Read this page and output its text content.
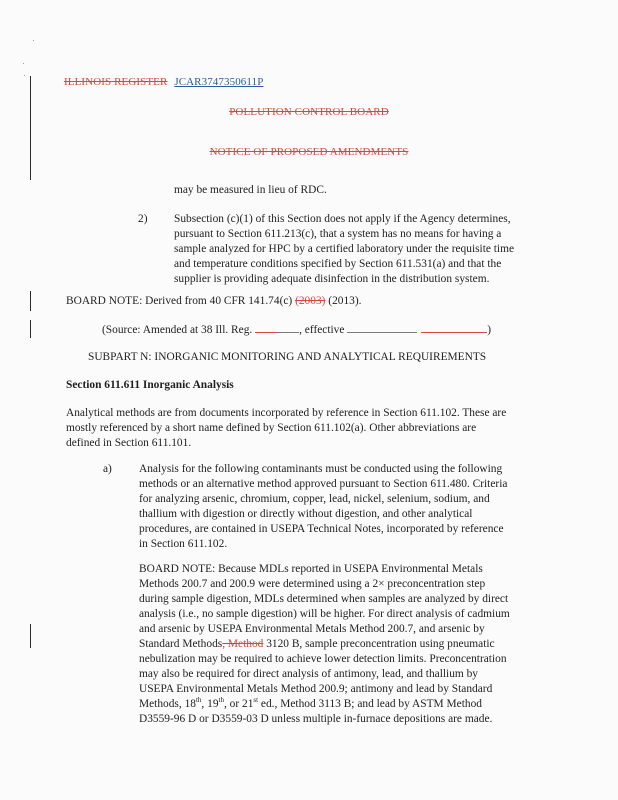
ILLINOIS REGISTER JCAR3747350611P
POLLUTION CONTROL BOARD
NOTICE OF PROPOSED AMENDMENTS
may be measured in lieu of RDC.
2) Subsection (c)(1) of this Section does not apply if the Agency determines,
pursuant to Section 611.213(c), that a system has no means for having a
sample analyzed for HPC by a certified laboratory under the requisite time
and temperature conditions specified by Section 611.531(a) and that the
supplier is providing adequate disinfection in the distribution system.
BOARD NOTE: Derived from 40 CFR 141.74(c) (2003) (2013).
(Source: Amended at 38 Ill. Reg.	, effective	)
SUBPART N: INORGANIC MONITORING AND ANALYTICAL REQUIREMENTS
Section 611.611 Inorganic Analysis
Analytical methods are from documents incorporated by reference in Section 611.102. These are
mostly referenced by a short name defined by Section 611.102(a). Other abbreviations are
defined in Section 611.101.
a) Analysis for the following contaminants must be conducted using the following
methods or an alternative method approved pursuant to Section 611.480. Criteria
for analyzing arsenic, chromium, copper, lead, nickel, selenium, sodium, and
thallium with digestion or directly without digestion, and other analytical
procedures, are contained in USEPA Technical Notes, incorporated by reference
in Section 611.102.
BOARD NOTE: Because MDLs reported in USEPA Environmental Metals
Methods 200.7 and 200.9 were determined using a 2× preconcentration step
during sample digestion, MDLs determined when samples are analyzed by direct
analysis (i.e., no sample digestion) will be higher. For direct analysis of cadmium
and arsenic by USEPA Environmental Metals Method 200.7, and arsenic by
Standard Methods, Method 3120 B, sample preconcentration using pneumatic
nebulization may be required to achieve lower detection limits. Preconcentration
may also be required for direct analysis of antimony, lead, and thallium by
USEPA Environmental Metals Method 200.9; antimony and lead by Standard
Methods, 18th, 19th, or 21st ed., Method 3113 B; and lead by ASTM Method
D3559-96 D or D3559-03 D unless multiple in-furnace depositions are made.
